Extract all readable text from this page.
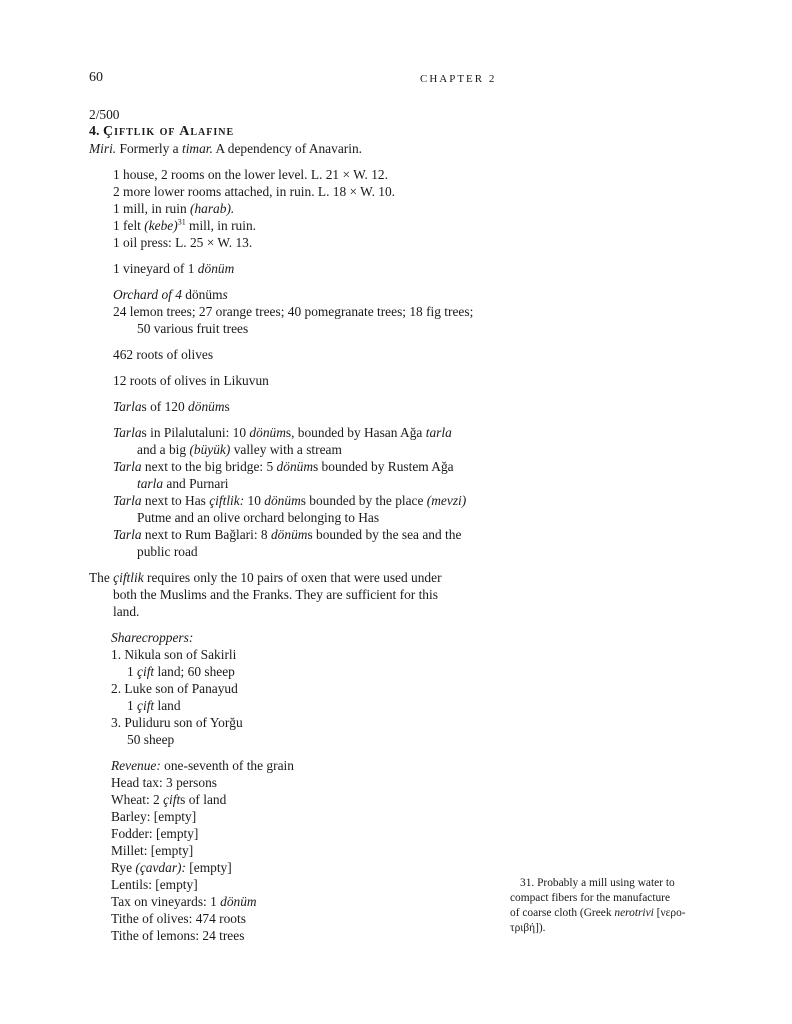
60	CHAPTER 2

2/500

4. Çiftlik of Alafine

Miri. Formerly a timar. A dependency of Anavarin.

1 house, 2 rooms on the lower level. L. 21 × W. 12.

2 more lower rooms attached, in ruin. L. 18 × W. 10.

1 mill, in ruin (harab).

1 felt (kebe)$^{31}$ mill, in ruin.

1 oil press: L. 25 × W. 13.

1 vineyard of 1 dönüm

Orchard of 4 dönüms

24 lemon trees; 27 orange trees; 40 pomegranate trees; 18 fig trees;

50 various fruit trees

462 roots of olives

12 roots of olives in Likuvun

Tarlas of 120 dönüms

Tarlas in Pilalutaluni: 10 dönüms, bounded by Hasan Ağa tarla

and a big (büyük) valley with a stream

Tarla next to the big bridge: 5 dönüms bounded by Rustem Ağa

tarla and Purnari

Tarla next to Has çiftlik: 10 dönüms bounded by the place (mevzi)

Putme and an olive orchard belonging to Has

Tarla next to Rum Bağlari: 8 dönüms bounded by the sea and the

public road

The çiftlik requires only the 10 pairs of oxen that were used under

both the Muslims and the Franks. They are sufficient for this

land.

Sharecroppers:

1. Nikula son of Sakirli

1 çift land; 60 sheep

2. Luke son of Panayud

1 çift land

3. Puliduru son of Yorğu

50 sheep

Revenue: one-seventh of the grain

Head tax: 3 persons

Wheat: 2 çifts of land

Barley: [empty]

Fodder: [empty]

Millet: [empty]

Rye (çavdar): [empty]

Lentils: [empty]

Tax on vineyards: 1 dönüm

Tithe of olives: 474 roots

Tithe of lemons: 24 trees

31. Probably a mill using water to

compact fibers for the manufacture

of coarse cloth (Greek nerotrivi [νερο-

τριβή]).
